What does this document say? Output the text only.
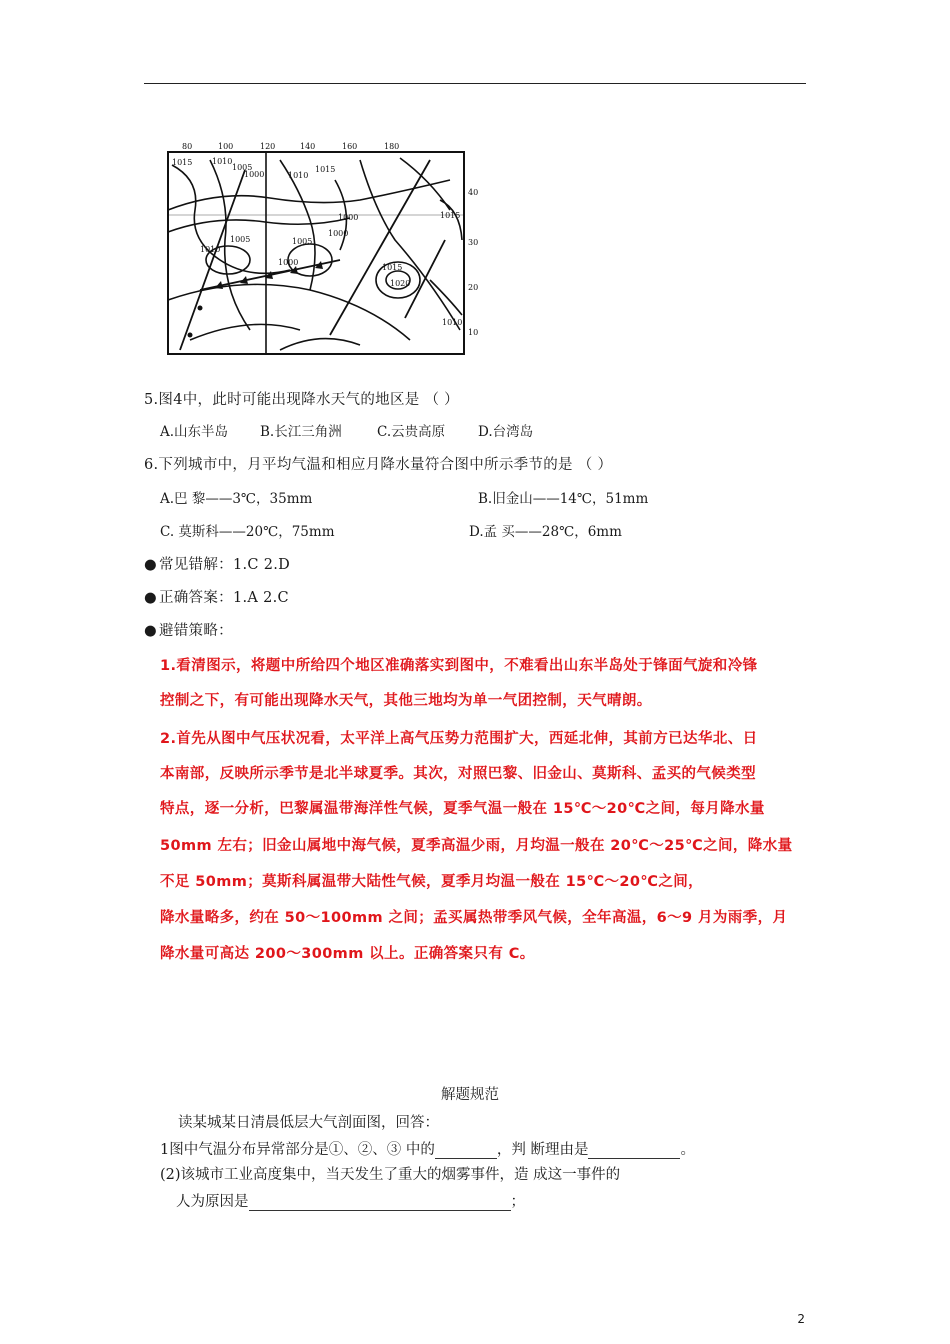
80	100	120	140	160	180
40
30
20
10
1015 1010
1005
1000	1010
1015
1005
1000
1000
1005
1000
1010
1015
1020
1010
1015
5.图4中，此时可能出现降水天气的地区是 （ ）
A.山东半岛 B.长江三角洲	C.云贵高原 D.台湾岛
6.下列城市中，月平均气温和相应月降水量符合图中所示季节的是 （ ）
A.巴 黎——3℃，35mm	B.旧金山——14℃，51mm
C. 莫斯科——20℃，75mm	D.孟 买——28℃，6mm
● 常见错解：1.C 2.D
● 正确答案：1.A 2.C
● 避错策略：
1.看清图示，将题中所给四个地区准确落实到图中，不难看出山东半岛处于锋面气旋和冷锋
控制之下，有可能出现降水天气，其他三地均为单一气团控制，天气晴朗。
2.首先从图中气压状况看，太平洋上高气压势力范围扩大，西延北伸，其前方已达华北、日
本南部，反映所示季节是北半球夏季。其次，对照巴黎、旧金山、莫斯科、孟买的气候类型
特点，逐一分析，巴黎属温带海洋性气候，夏季气温一般在 15℃～20℃之间，每月降水量
50mm 左右；旧金山属地中海气候，夏季高温少雨，月均温一般在 20℃～25℃之间，降水量
不足 50mm；莫斯科属温带大陆性气候，夏季月均温一般在 15℃～20℃之间，
降水量略多，约在 50～100mm 之间；孟买属热带季风气候，全年高温，6～9 月为雨季，月
降水量可高达 200～300mm 以上。正确答案只有 C。
解题规范
读某城某日清晨低层大气剖面图，回答：
1图中气温分布异常部分是①、②、③ 中的	，判 断理由是	。
(2)该城市工业高度集中，当天发生了重大的烟雾事件，造 成这一事件的
人为原因是	；
2
